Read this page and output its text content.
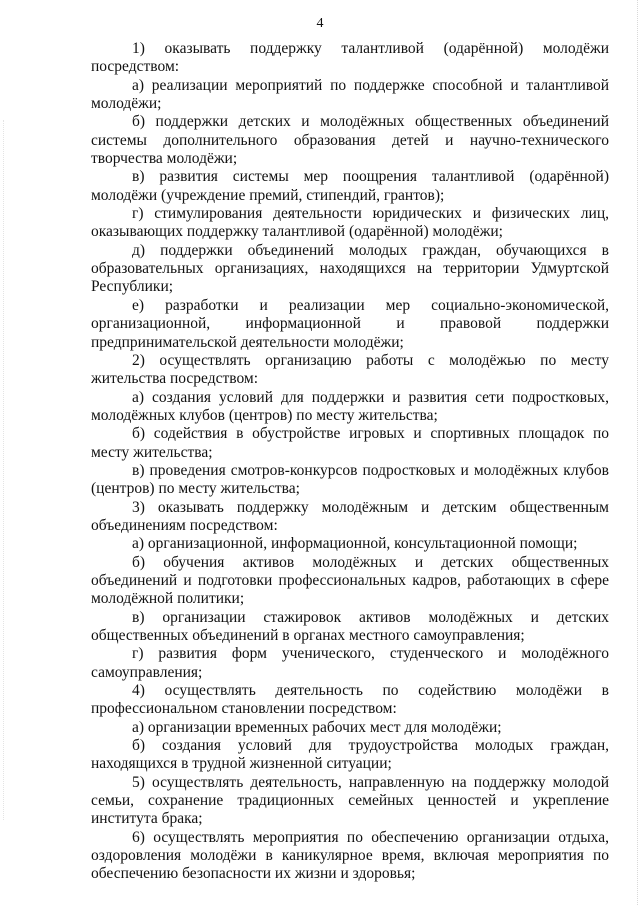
4

1) оказывать поддержку талантливой (одарённой) молодёжи посредством:

а) реализации мероприятий по поддержке способной и талантливой молодёжи;

б) поддержки детских и молодёжных общественных объединений системы дополнительного образования детей и научно-технического творчества молодёжи;

в) развития системы мер поощрения талантливой (одарённой) молодёжи (учреждение премий, стипендий, грантов);

г) стимулирования деятельности юридических и физических лиц, оказывающих поддержку талантливой (одарённой) молодёжи;

д) поддержки объединений молодых граждан, обучающихся в образовательных организациях, находящихся на территории Удмуртской Республики;

е) разработки и реализации мер социально-экономической, организационной, информационной и правовой поддержки предпринимательской деятельности молодёжи;

2) осуществлять организацию работы с молодёжью по месту жительства посредством:

а) создания условий для поддержки и развития сети подростковых, молодёжных клубов (центров) по месту жительства;

б) содействия в обустройстве игровых и спортивных площадок по месту жительства;

в) проведения смотров-конкурсов подростковых и молодёжных клубов (центров) по месту жительства;

3) оказывать поддержку молодёжным и детским общественным объединениям посредством:

а) организационной, информационной, консультационной помощи;

б) обучения активов молодёжных и детских общественных объединений и подготовки профессиональных кадров, работающих в сфере молодёжной политики;

в) организации стажировок активов молодёжных и детских общественных объединений в органах местного самоуправления;

г) развития форм ученического, студенческого и молодёжного самоуправления;

4) осуществлять деятельность по содействию молодёжи в профессиональном становлении посредством:

а) организации временных рабочих мест для молодёжи;

б) создания условий для трудоустройства молодых граждан, находящихся в трудной жизненной ситуации;

5) осуществлять деятельность, направленную на поддержку молодой семьи, сохранение традиционных семейных ценностей и укрепление института брака;

6) осуществлять мероприятия по обеспечению организации отдыха, оздоровления молодёжи в каникулярное время, включая мероприятия по обеспечению безопасности их жизни и здоровья;
